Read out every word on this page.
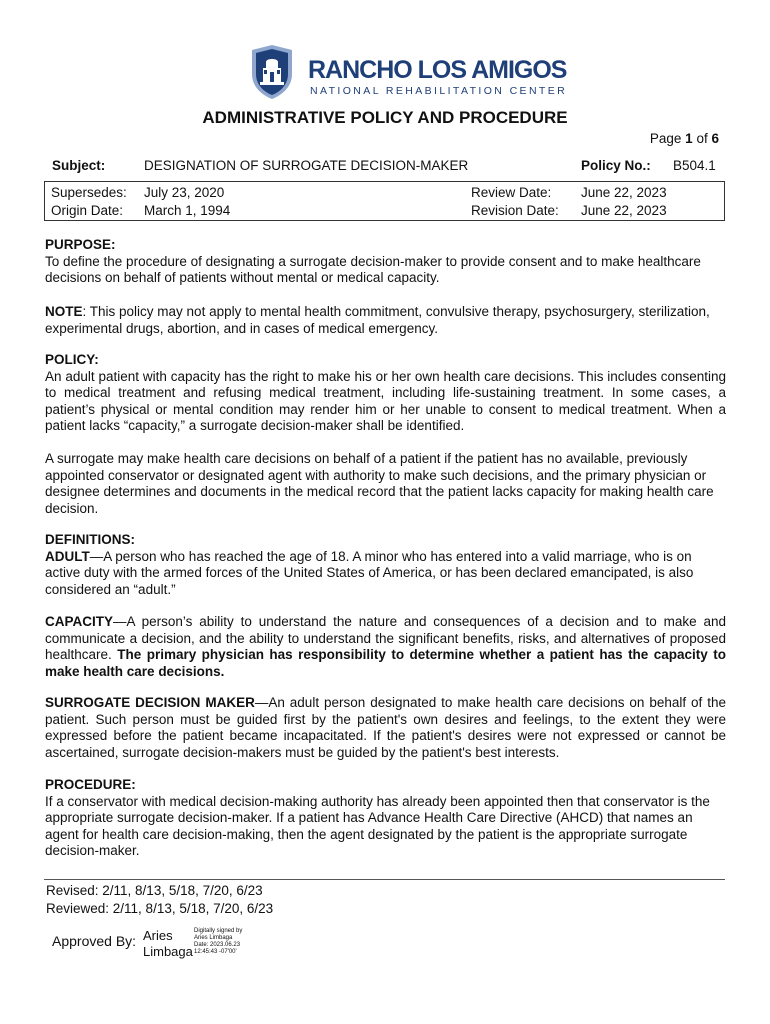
RANCHO LOS AMIGOS
NATIONAL REHABILITATION CENTER
ADMINISTRATIVE POLICY AND PROCEDURE
Page 1 of 6
Subject:	DESIGNATION OF SURROGATE DECISION-MAKER	Policy No.: B504.1
Supersedes: July 23, 2020
Origin Date: March 1, 1994
Review Date: June 22, 2023
Revision Date: June 22, 2023
PURPOSE:
To define the procedure of designating a surrogate decision-maker to provide consent and to make healthcare decisions on behalf of patients without mental or medical capacity.
NOTE: This policy may not apply to mental health commitment, convulsive therapy, psychosurgery, sterilization, experimental drugs, abortion, and in cases of medical emergency.
POLICY:
An adult patient with capacity has the right to make his or her own health care decisions. This includes consenting to medical treatment and refusing medical treatment, including life-sustaining treatment. In some cases, a patient’s physical or mental condition may render him or her unable to consent to medical treatment. When a patient lacks “capacity,” a surrogate decision-maker shall be identified.
A surrogate may make health care decisions on behalf of a patient if the patient has no available, previously appointed conservator or designated agent with authority to make such decisions, and the primary physician or designee determines and documents in the medical record that the patient lacks capacity for making health care decision.
DEFINITIONS:
ADULT—A person who has reached the age of 18. A minor who has entered into a valid marriage, who is on active duty with the armed forces of the United States of America, or has been declared emancipated, is also considered an “adult.”
CAPACITY—A person’s ability to understand the nature and consequences of a decision and to make and communicate a decision, and the ability to understand the significant benefits, risks, and alternatives of proposed healthcare. The primary physician has responsibility to determine whether a patient has the capacity to make health care decisions.
SURROGATE DECISION MAKER—An adult person designated to make health care decisions on behalf of the patient. Such person must be guided first by the patient's own desires and feelings, to the extent they were expressed before the patient became incapacitated. If the patient's desires were not expressed or cannot be ascertained, surrogate decision-makers must be guided by the patient's best interests.
PROCEDURE:
If a conservator with medical decision-making authority has already been appointed then that conservator is the appropriate surrogate decision-maker. If a patient has Advance Health Care Directive (AHCD) that names an agent for health care decision-making, then the agent designated by the patient is the appropriate surrogate decision-maker.
Revised: 2/11, 8/13, 5/18, 7/20, 6/23
Reviewed: 2/11, 8/13, 5/18, 7/20, 6/23
Approved By: Aries
Limbaga
Digitally signed by
Aries Limbaga
Date: 2023.06.23
12:45:43 -07'00'
